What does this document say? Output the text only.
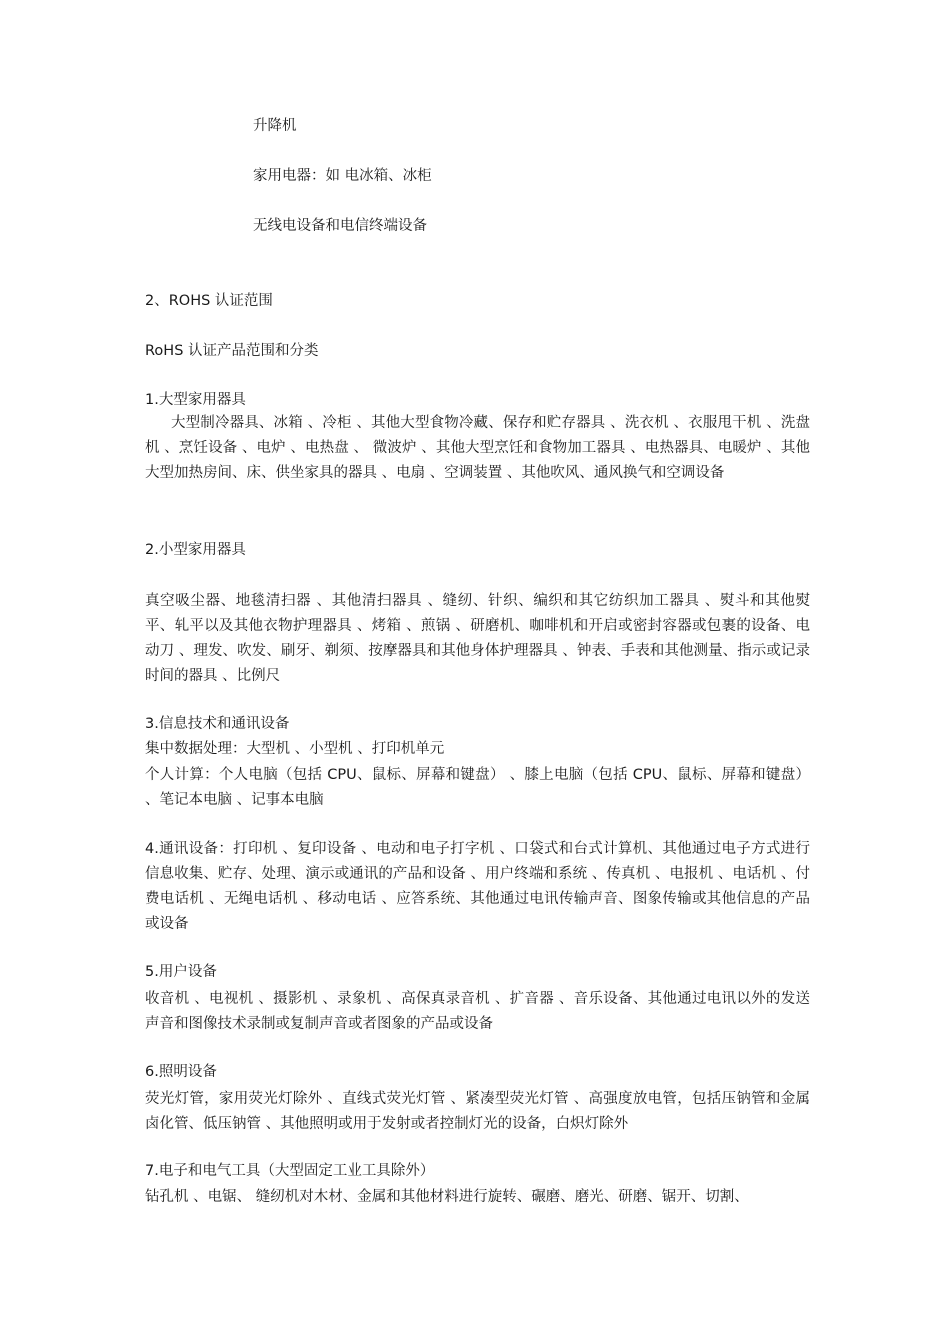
升降机
家用电器：如 电冰箱、冰柜
无线电设备和电信终端设备
2、ROHS 认证范围
RoHS 认证产品范围和分类
1.大型家用器具
大型制冷器具、冰箱 、冷柜 、其他大型食物冷藏、保存和贮存器具 、洗衣机 、衣服甩干机 、洗盘机 、烹饪设备 、电炉 、电热盘 、 微波炉 、其他大型烹饪和食物加工器具 、电热器具、电暖炉 、其他大型加热房间、床、供坐家具的器具 、电扇 、空调装置 、其他吹风、通风换气和空调设备
2.小型家用器具
真空吸尘器、地毯清扫器 、其他清扫器具 、缝纫、针织、编织和其它纺织加工器具 、熨斗和其他熨平、轧平以及其他衣物护理器具 、烤箱 、煎锅 、研磨机、咖啡机和开启或密封容器或包裹的设备、电动刀 、理发、吹发、刷牙、剃须、按摩器具和其他身体护理器具 、钟表、手表和其他测量、指示或记录时间的器具 、比例尺
3.信息技术和通讯设备
集中数据处理：大型机 、小型机 、打印机单元
个人计算：个人电脑（包括 CPU、鼠标、屏幕和键盘） 、膝上电脑（包括 CPU、鼠标、屏幕和键盘） 、笔记本电脑 、记事本电脑
4.通讯设备：打印机 、复印设备 、电动和电子打字机 、口袋式和台式计算机、其他通过电子方式进行信息收集、贮存、处理、演示或通讯的产品和设备 、用户终端和系统 、传真机 、电报机 、电话机 、付费电话机 、无绳电话机 、移动电话 、应答系统、其他通过电讯传输声音、图象传输或其他信息的产品或设备
5.用户设备
收音机 、电视机 、摄影机 、录象机 、高保真录音机 、扩音器 、音乐设备、其他通过电讯以外的发送声音和图像技术录制或复制声音或者图象的产品或设备
6.照明设备
荧光灯管，家用荧光灯除外 、直线式荧光灯管 、紧凑型荧光灯管 、高强度放电管，包括压钠管和金属卤化管、低压钠管 、其他照明或用于发射或者控制灯光的设备，白炽灯除外
7.电子和电气工具（大型固定工业工具除外）
钻孔机 、电锯、 缝纫机对木材、金属和其他材料进行旋转、碾磨、磨光、研磨、锯开、切割、
